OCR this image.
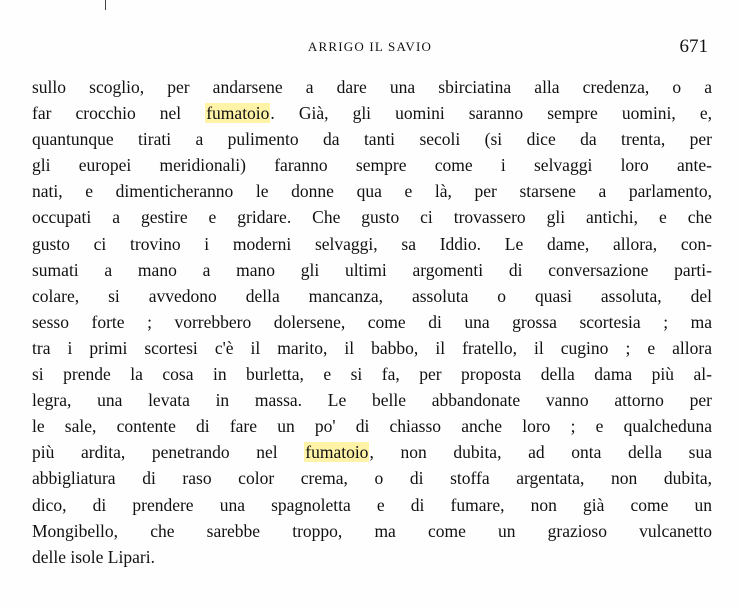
ARRIGO IL SAVIO	671
sullo scoglio, per andarsene a dare una sbirciatina alla credenza, o a
far crocchio nel fumatoio. Già, gli uomini saranno sempre uomini, e,
quantunque tirati a pulimento da tanti secoli (si dice da trenta, per
gli europei meridionali) faranno sempre come i selvaggi loro ante-
nati, e dimenticheranno le donne qua e là, per starsene a parlamento,
occupati a gestire e gridare. Che gusto ci trovassero gli antichi, e che
gusto ci trovino i moderni selvaggi, sa Iddio. Le dame, allora, con-
sumati a mano a mano gli ultimi argomenti di conversazione parti-
colare, si avvedono della mancanza, assoluta o quasi assoluta, del
sesso forte ; vorrebbero dolersene, come di una grossa scortesia ; ma
tra i primi scortesi c'è il marito, il babbo, il fratello, il cugino ; e allora
si prende la cosa in burletta, e si fa, per proposta della dama più al-
legra, una levata in massa. Le belle abbandonate vanno attorno per
le sale, contente di fare un po' di chiasso anche loro ; e qualcheduna
più ardita, penetrando nel fumatoio, non dubita, ad onta della sua
abbigliatura di raso color crema, o di stoffa argentata, non dubita,
dico, di prendere una spagnoletta e di fumare, non già come un
Mongibello, che sarebbe troppo, ma come un grazioso vulcanetto
delle isole Lipari.
